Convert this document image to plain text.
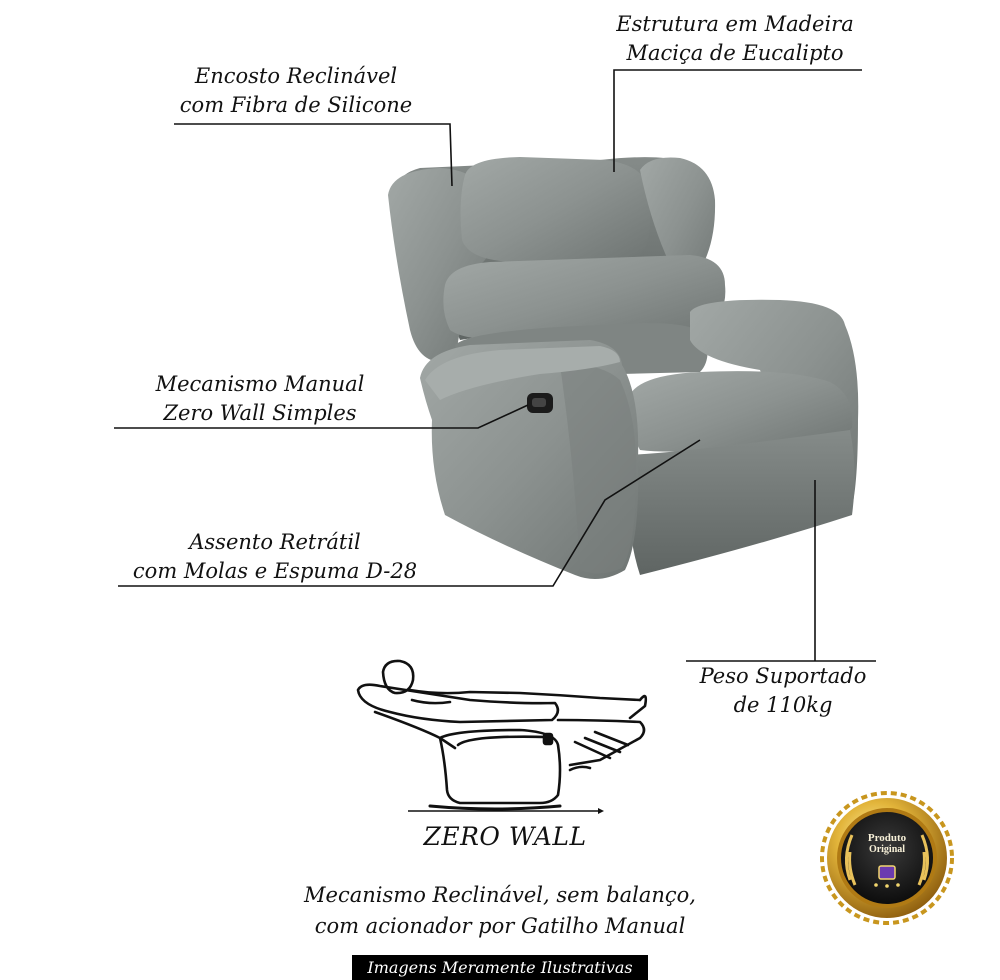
Encosto Reclinável
com Fibra de Silicone
Estrutura em Madeira
Maciça de Eucalipto
Mecanismo Manual
Zero Wall Simples
Assento Retrátil
com Molas e Espuma D-28
Peso Suportado
de 110kg
ZERO WALL
Mecanismo Reclinável, sem balanço,
com acionador por Gatilho Manual
Produto
Original
Imagens Meramente Ilustrativas
